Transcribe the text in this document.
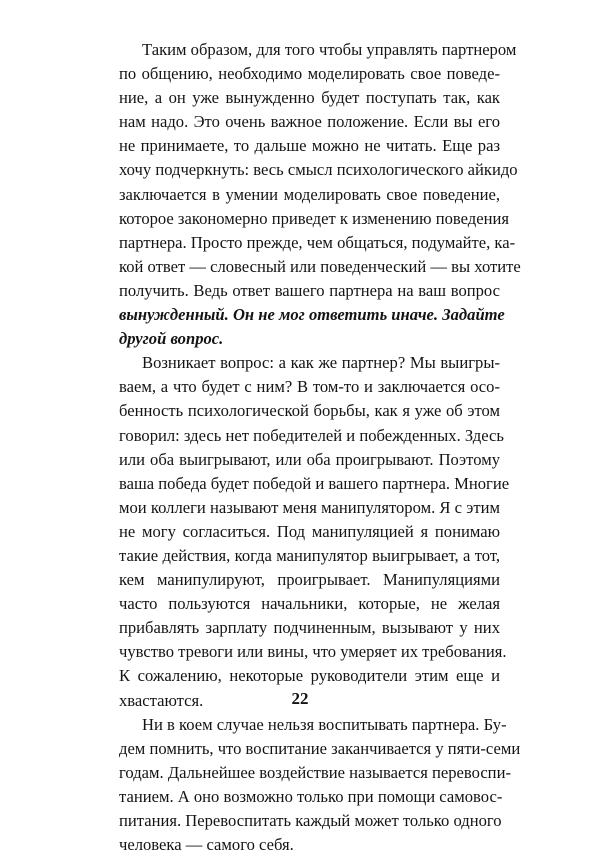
Таким образом, для того чтобы управлять партнером
по общению, необходимо моделировать свое поведе-
ние, а он уже вынужденно будет поступать так, как
нам надо. Это очень важное положение. Если вы его
не принимаете, то дальше можно не читать. Еще раз
хочу подчеркнуть: весь смысл психологического айкидо
заключается в умении моделировать свое поведение,
которое закономерно приведет к изменению поведения
партнера. Просто прежде, чем общаться, подумайте, ка-
кой ответ — словесный или поведенческий — вы хотите
получить. Ведь ответ вашего партнера на ваш вопрос
вынужденный. Он не мог ответить иначе. Задайте
другой вопрос.
Возникает вопрос: а как же партнер? Мы выигры-
ваем, а что будет с ним? В том-то и заключается осо-
бенность психологической борьбы, как я уже об этом
говорил: здесь нет победителей и побежденных. Здесь
или оба выигрывают, или оба проигрывают. Поэтому
ваша победа будет победой и вашего партнера. Многие
мои коллеги называют меня манипулятором. Я с этим
не могу согласиться. Под манипуляцией я понимаю
такие действия, когда манипулятор выигрывает, а тот,
кем манипулируют, проигрывает. Манипуляциями
часто пользуются начальники, которые, не желая
прибавлять зарплату подчиненным, вызывают у них
чувство тревоги или вины, что умеряет их требования.
К сожалению, некоторые руководители этим еще и
хвастаются.
Ни в коем случае нельзя воспитывать партнера. Бу-
дем помнить, что воспитание заканчивается у пяти-семи
годам. Дальнейшее воздействие называется перевоспи-
танием. А оно возможно только при помощи самовос-
питания. Перевоспитать каждый может только одного
человека — самого себя.
22
